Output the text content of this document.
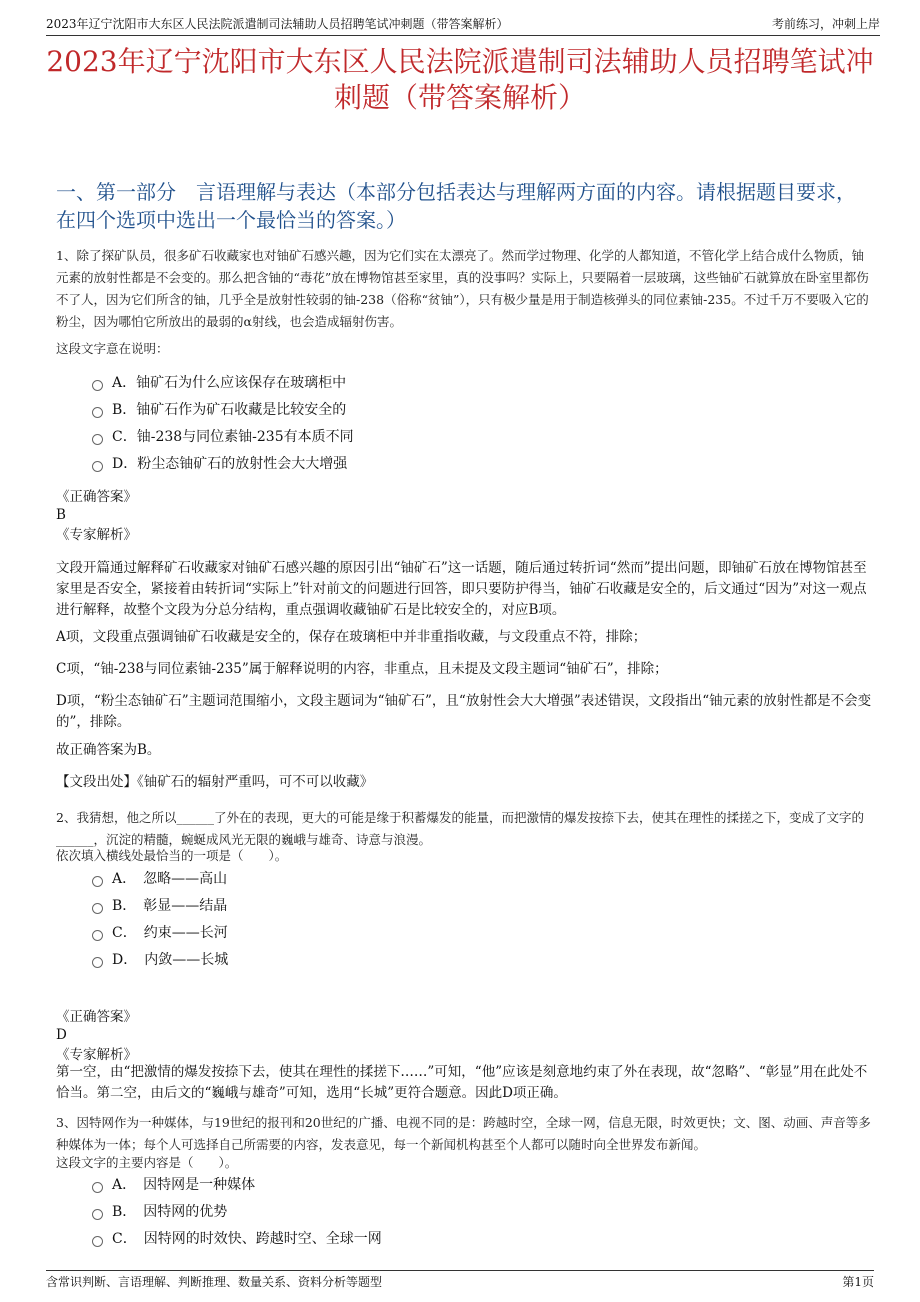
2023年辽宁沈阳市大东区人民法院派遣制司法辅助人员招聘笔试冲刺题（带答案解析）	考前练习，冲刺上岸
2023年辽宁沈阳市大东区人民法院派遣制司法辅助人员招聘笔试冲刺题（带答案解析）
一、第一部分　言语理解与表达（本部分包括表达与理解两方面的内容。请根据题目要求，在四个选项中选出一个最恰当的答案。）
1、除了探矿队员，很多矿石收藏家也对铀矿石感兴趣，因为它们实在太漂亮了。然而学过物理、化学的人都知道，不管化学上结合成什么物质，铀元素的放射性都是不会变的。那么把含铀的“毒花”放在博物馆甚至家里，真的没事吗？实际上，只要隔着一层玻璃，这些铀矿石就算放在卧室里都伤不了人，因为它们所含的铀，几乎全是放射性较弱的铀-238（俗称“贫铀”），只有极少量是用于制造核弹头的同位素铀-235。不过千万不要吸入它的粉尘，因为哪怕它所放出的最弱的α射线，也会造成辐射伤害。
这段文字意在说明：
A．铀矿石为什么应该保存在玻璃柜中
B．铀矿石作为矿石收藏是比较安全的
C．铀-238与同位素铀-235有本质不同
D．粉尘态铀矿石的放射性会大大增强
《正确答案》
B
《专家解析》
文段开篇通过解释矿石收藏家对铀矿石感兴趣的原因引出“铀矿石”这一话题，随后通过转折词“然而”提出问题，即铀矿石放在博物馆甚至家里是否安全，紧接着由转折词“实际上”针对前文的问题进行回答，即只要防护得当，铀矿石收藏是安全的，后文通过“因为”对这一观点进行解释，故整个文段为分总分结构，重点强调收藏铀矿石是比较安全的，对应B项。
A项，文段重点强调铀矿石收藏是安全的，保存在玻璃柜中并非重指收藏，与文段重点不符，排除；
C项，“铀-238与同位素铀-235”属于解释说明的内容，非重点，且未提及文段主题词“铀矿石”，排除；
D项，“粉尘态铀矿石”主题词范围缩小，文段主题词为“铀矿石”，且“放射性会大大增强”表述错误，文段指出“铀元素的放射性都是不会变的”，排除。
故正确答案为B。
【文段出处】《铀矿石的辐射严重吗，可不可以收藏》
2、我猜想，他之所以______了外在的表现，更大的可能是缘于积蓄爆发的能量，而把激情的爆发按捺下去，使其在理性的揉搓之下，变成了文字的______，沉淀的精髓，蜿蜒成风光无限的巍峨与雄奇、诗意与浪漫。
依次填入横线处最恰当的一项是（　　）。
A．　忽略——高山
B．　彰显——结晶
C．　约束——长河
D．　内敛——长城
《正确答案》
D
《专家解析》
第一空，由“把激情的爆发按捺下去，使其在理性的揉搓下……”可知，“他”应该是刻意地约束了外在表现，故“忽略”、“彰显”用在此处不恰当。第二空，由后文的“巍峨与雄奇”可知，选用“长城”更符合题意。因此D项正确。
3、因特网作为一种媒体，与19世纪的报刊和20世纪的广播、电视不同的是：跨越时空，全球一网，信息无限，时效更快；文、图、动画、声音等多种媒体为一体；每个人可选择自己所需要的内容，发表意见，每一个新闻机构甚至个人都可以随时向全世界发布新闻。
这段文字的主要内容是（　　）。
A．　因特网是一种媒体
B．　因特网的优势
C．　因特网的时效快、跨越时空、全球一网
含常识判断、言语理解、判断推理、数量关系、资料分析等题型	第1页
